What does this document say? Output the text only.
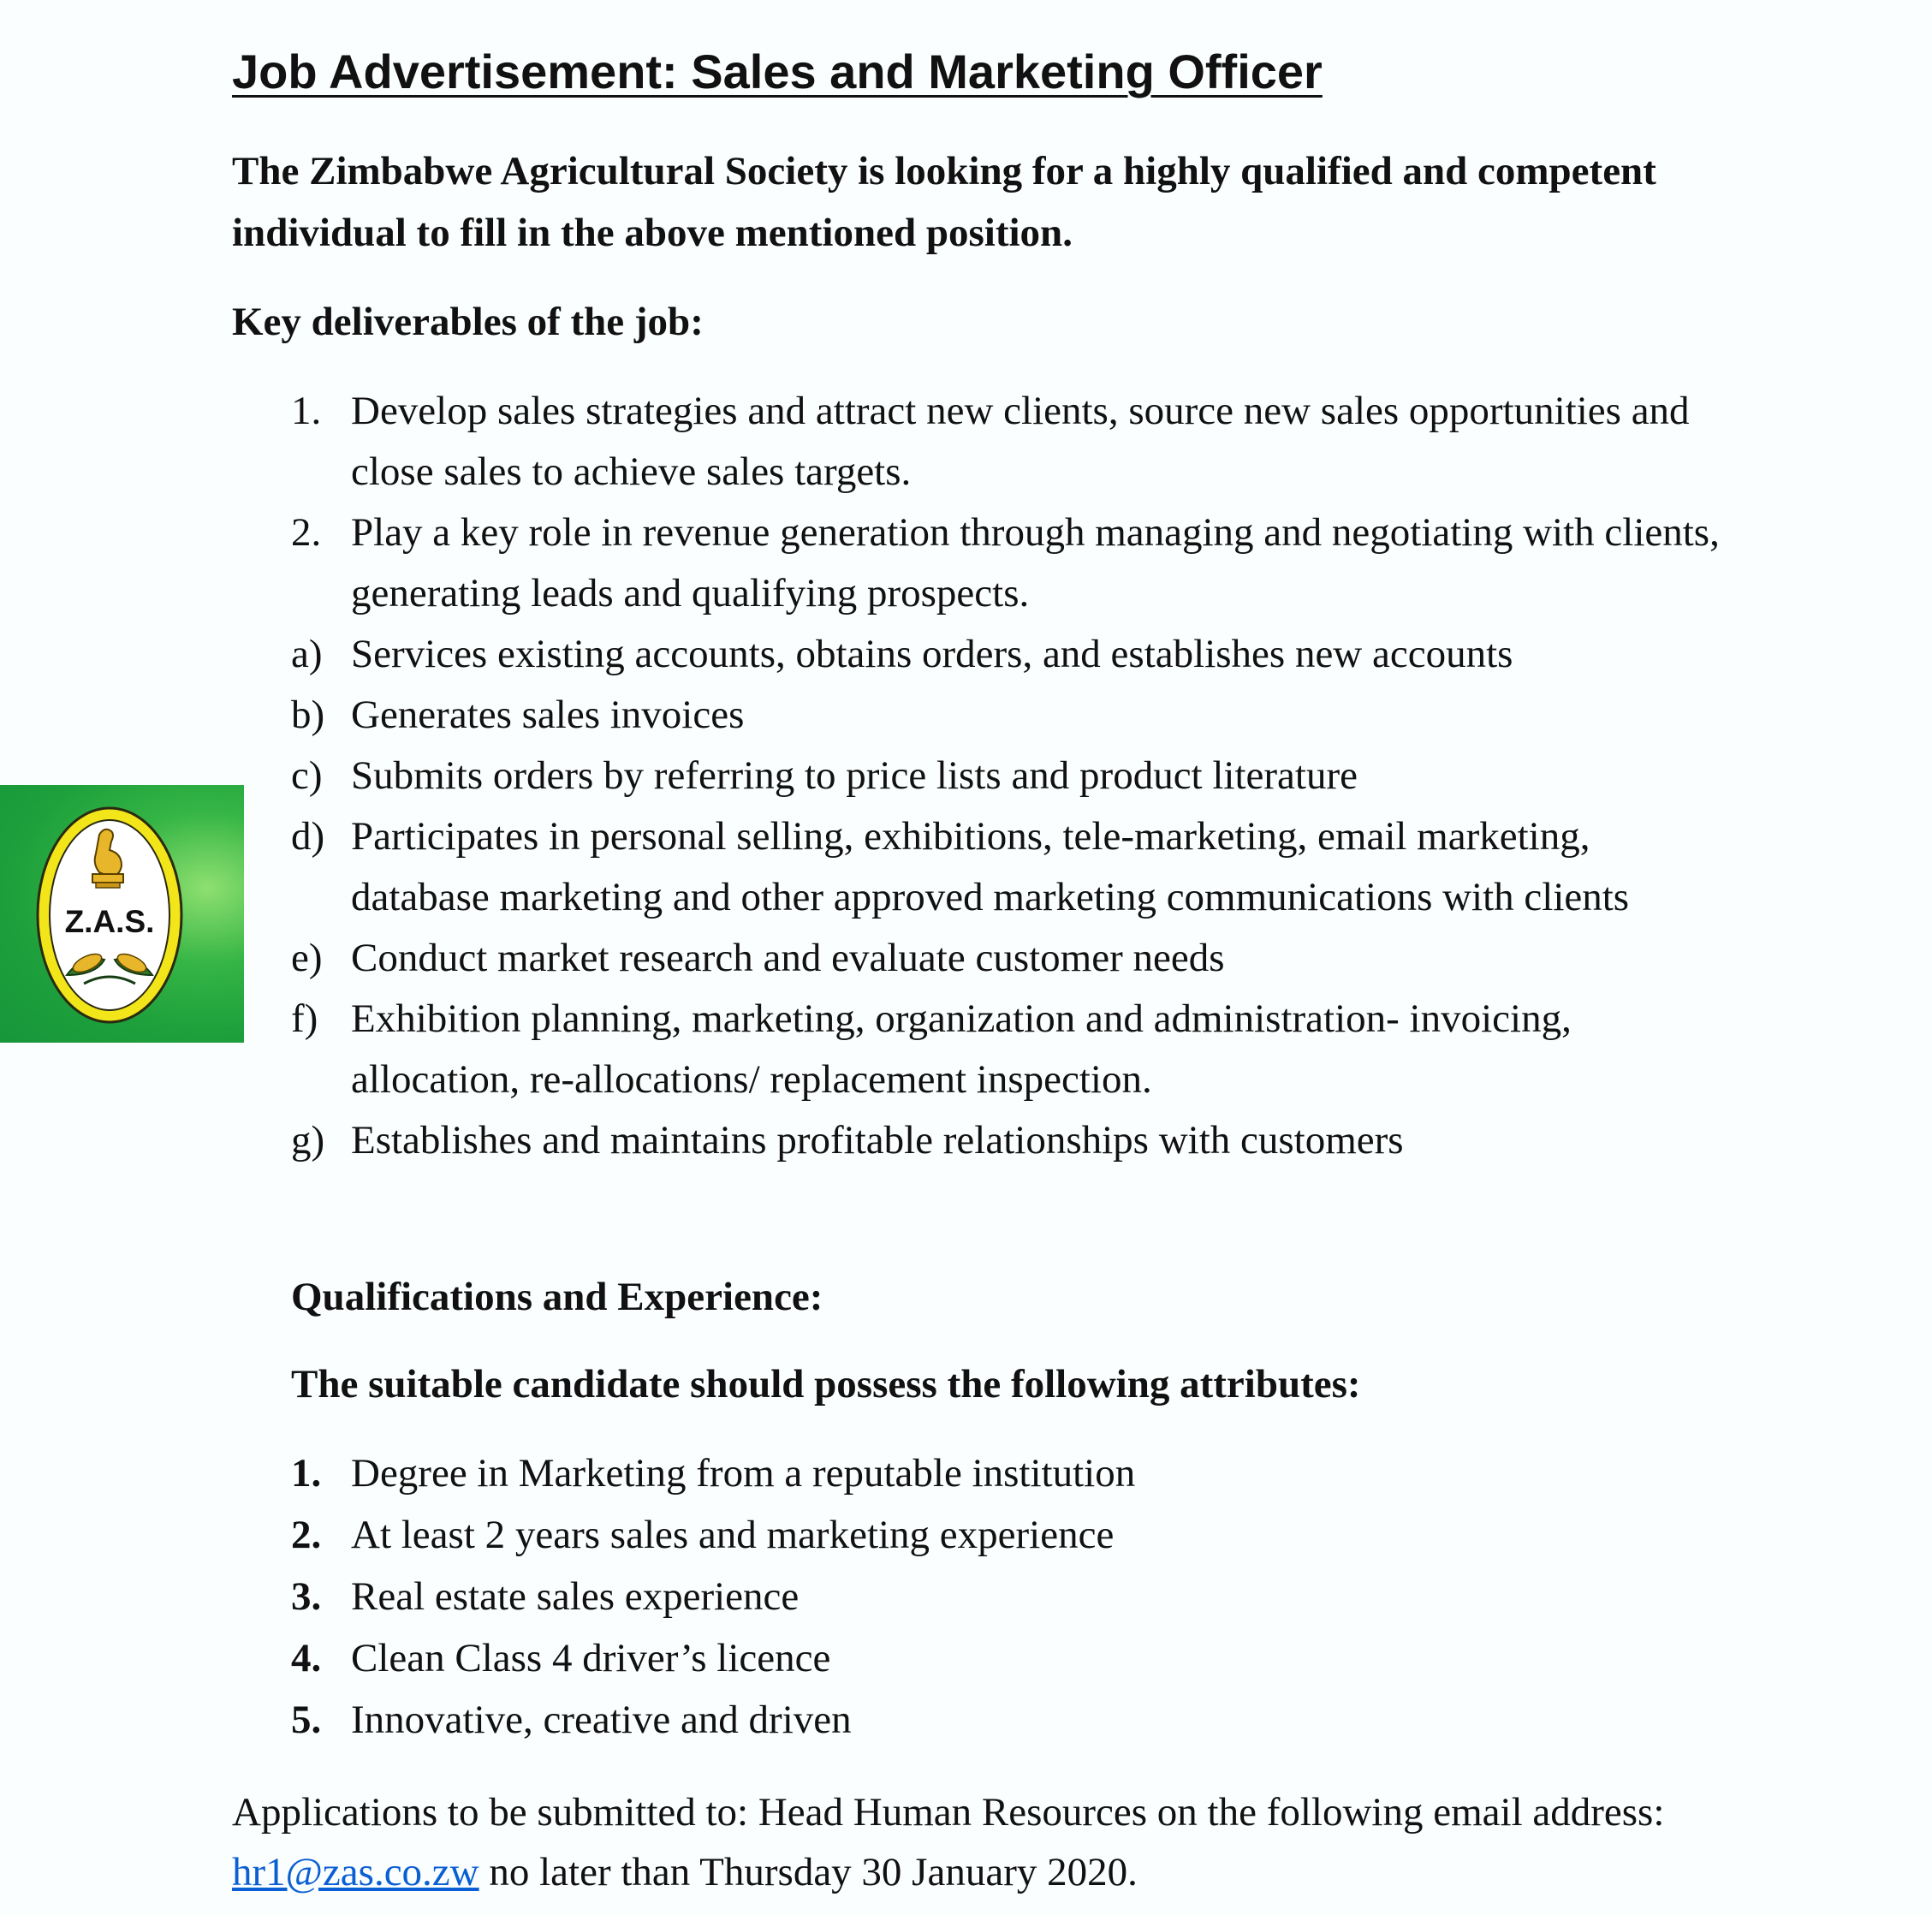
Job Advertisement: Sales and Marketing Officer

The Zimbabwe Agricultural Society is looking for a highly qualified and competent individual to fill in the above mentioned position.

Key deliverables of the job:
1. Develop sales strategies and attract new clients, source new sales opportunities and close sales to achieve sales targets.
2. Play a key role in revenue generation through managing and negotiating with clients, generating leads and qualifying prospects.
a) Services existing accounts, obtains orders, and establishes new accounts
b) Generates sales invoices
c) Submits orders by referring to price lists and product literature
d) Participates in personal selling, exhibitions, tele-marketing, email marketing, database marketing and other approved marketing communications with clients
e) Conduct market research and evaluate customer needs
f) Exhibition planning, marketing, organization and administration- invoicing, allocation, re-allocations/ replacement inspection.
g) Establishes and maintains profitable relationships with customers
Qualifications and Experience:
The suitable candidate should possess the following attributes:
1. Degree in Marketing from a reputable institution
2. At least 2 years sales and marketing experience
3. Real estate sales experience
4. Clean Class 4 driver’s licence
5. Innovative, creative and driven

Applications to be submitted to: Head Human Resources on the following email address: hr1@zas.co.zw no later than Thursday 30 January 2020.

Z.A.S.
